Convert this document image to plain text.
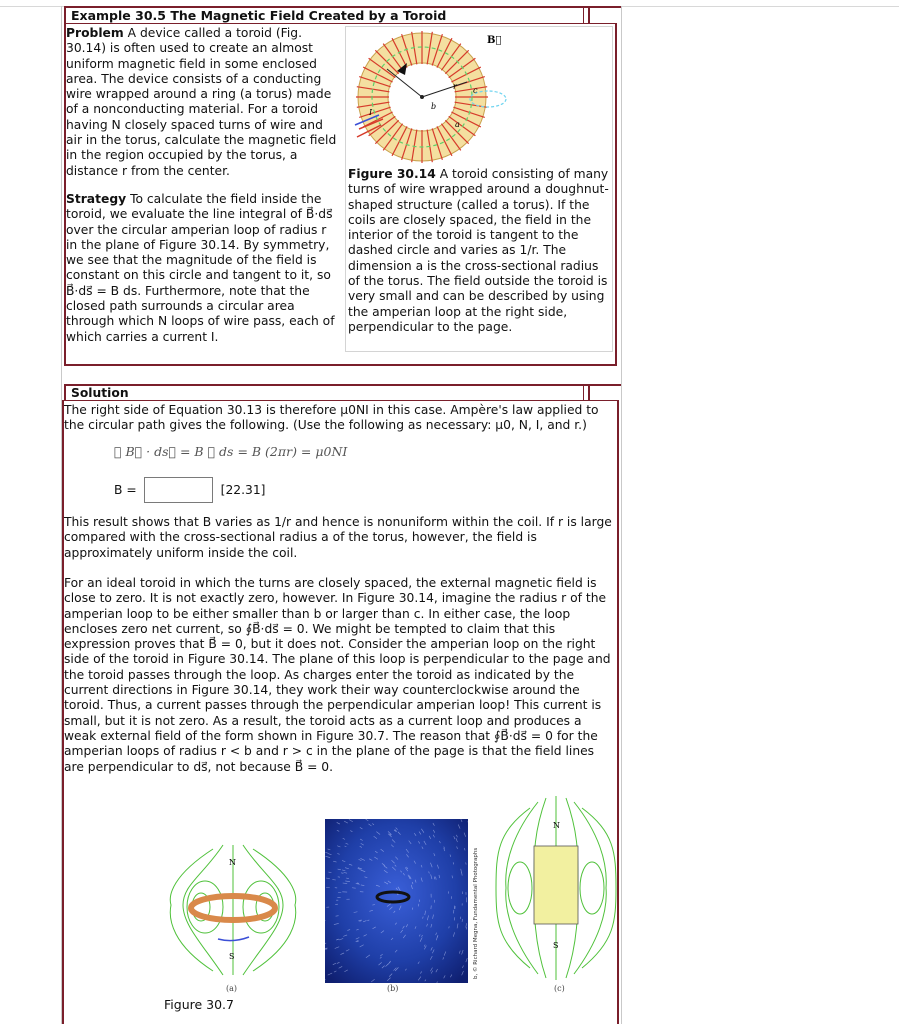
Example 30.5 The Magnetic Field Created by a Toroid

Problem A device called a toroid (Fig. 30.14) is often used to create an almost uniform magnetic field in some enclosed area. The device consists of a conducting wire wrapped around a ring (a torus) made of a nonconducting material. For a toroid having N closely spaced turns of wire and air in the torus, calculate the magnetic field in the region occupied by the torus, a distance r from the center.

Strategy To calculate the field inside the toroid, we evaluate the line integral of B⃗·ds⃗ over the circular amperian loop of radius r in the plane of Figure 30.14. By symmetry, we see that the magnitude of the field is constant on this circle and tangent to it, so B⃗·ds⃗ = B ds. Furthermore, note that the closed path surrounds a circular area through which N loops of wire pass, each of which carries a current I.

B⃗
r
b
c
a
I
Figure 30.14 A toroid consisting of many turns of wire wrapped around a doughnut-shaped structure (called a torus). If the coils are closely spaced, the field in the interior of the toroid is tangent to the dashed circle and varies as 1/r. The dimension a is the cross-sectional radius of the torus. The field outside the toroid is very small and can be described by using the amperian loop at the right side, perpendicular to the page.
Solution
The right side of Equation 30.13 is therefore μ0NI in this case. Ampère's law applied to the circular path gives the following. (Use the following as necessary: μ0, N, I, and r.)
∮ B⃗ · ds⃗ = B ∮ ds = B (2πr) = μ0NI
B =	[22.31]
This result shows that B varies as 1/r and hence is nonuniform within the coil. If r is large compared with the cross-sectional radius a of the torus, however, the field is approximately uniform inside the coil.
For an ideal toroid in which the turns are closely spaced, the external magnetic field is close to zero. It is not exactly zero, however. In Figure 30.14, imagine the radius r of the amperian loop to be either smaller than b or larger than c. In either case, the loop encloses zero net current, so ∮B⃗·ds⃗ = 0. We might be tempted to claim that this expression proves that B⃗ = 0, but it does not. Consider the amperian loop on the right side of the toroid in Figure 30.14. The plane of this loop is perpendicular to the page and the toroid passes through the loop. As charges enter the toroid as indicated by the current directions in Figure 30.14, they work their way counterclockwise around the toroid. Thus, a current passes through the perpendicular amperian loop! This current is small, but it is not zero. As a result, the toroid acts as a current loop and produces a weak external field of the form shown in Figure 30.7. The reason that ∮B⃗·ds⃗ = 0 for the amperian loops of radius r < b and r > c in the plane of the page is that the field lines are perpendicular to ds⃗, not because B⃗ = 0.
N
S
(a)
b, © Richard Megna, Fundamental Photographs
(b)
N
S
(c)
Figure 30.7
